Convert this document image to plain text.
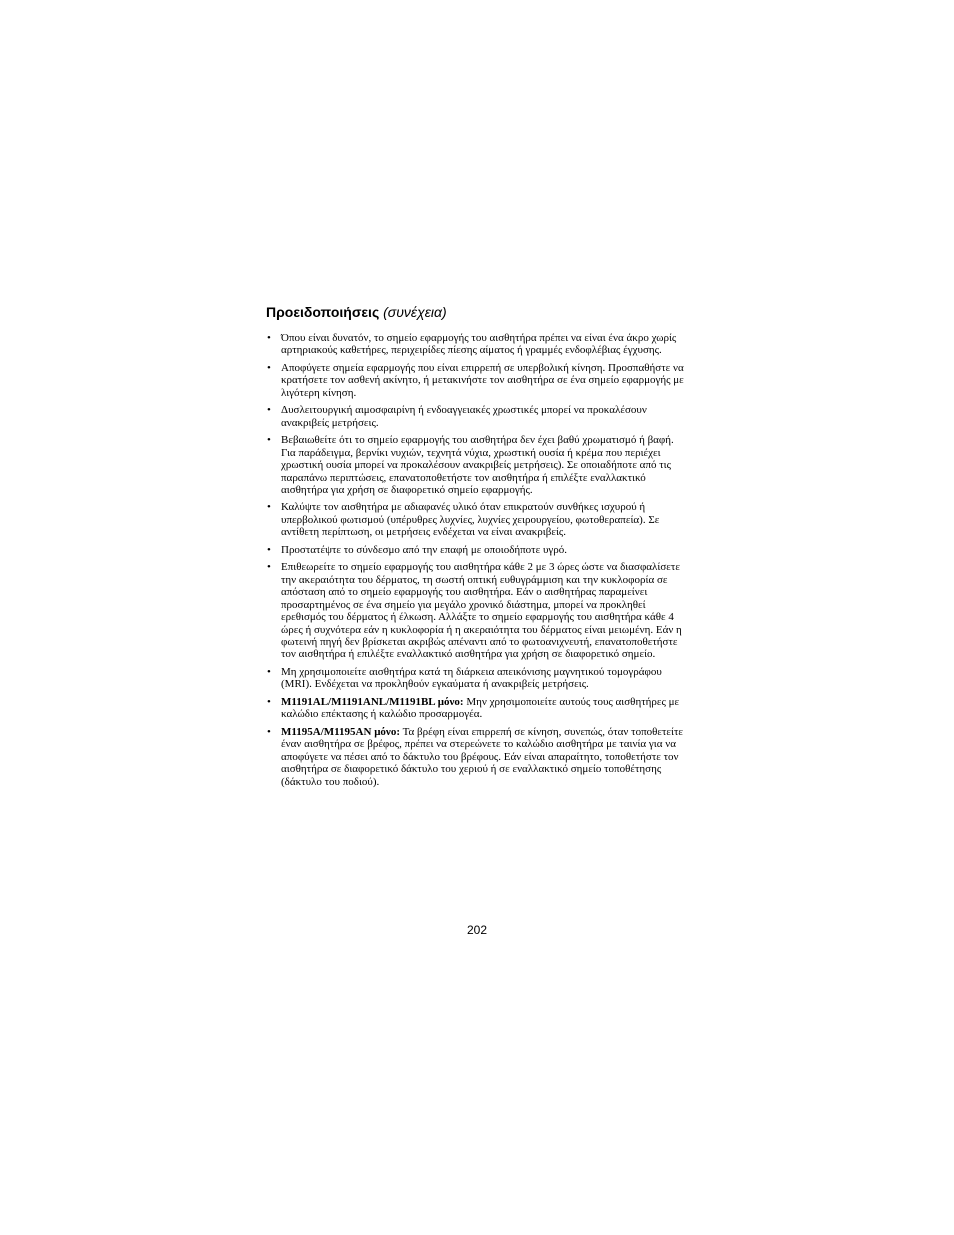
Προειδοποιήσεις (συνέχεια)
• Όπου είναι δυνατόν, το σημείο εφαρμογής του αισθητήρα πρέπει να είναι ένα άκρο χωρίς αρτηριακούς καθετήρες, περιχειρίδες πίεσης αίματος ή γραμμές ενδοφλέβιας έγχυσης.
• Αποφύγετε σημεία εφαρμογής που είναι επιρρεπή σε υπερβολική κίνηση. Προσπαθήστε να κρατήσετε τον ασθενή ακίνητο, ή μετακινήστε τον αισθητήρα σε ένα σημείο εφαρμογής με λιγότερη κίνηση.
• Δυσλειτουργική αιμοσφαιρίνη ή ενδοαγγειακές χρωστικές μπορεί να προκαλέσουν ανακριβείς μετρήσεις.
• Βεβαιωθείτε ότι το σημείο εφαρμογής του αισθητήρα δεν έχει βαθύ χρωματισμό ή βαφή. Για παράδειγμα, βερνίκι νυχιών, τεχνητά νύχια, χρωστική ουσία ή κρέμα που περιέχει χρωστική ουσία μπορεί να προκαλέσουν ανακριβείς μετρήσεις). Σε οποιαδήποτε από τις παραπάνω περιπτώσεις, επανατοποθετήστε τον αισθητήρα ή επιλέξτε εναλλακτικό αισθητήρα για χρήση σε διαφορετικό σημείο εφαρμογής.
• Καλύψτε τον αισθητήρα με αδιαφανές υλικό όταν επικρατούν συνθήκες ισχυρού ή υπερβολικού φωτισμού (υπέρυθρες λυχνίες, λυχνίες χειρουργείου, φωτοθεραπεία). Σε αντίθετη περίπτωση, οι μετρήσεις ενδέχεται να είναι ανακριβείς.
• Προστατέψτε το σύνδεσμο από την επαφή με οποιοδήποτε υγρό.
• Επιθεωρείτε το σημείο εφαρμογής του αισθητήρα κάθε 2 με 3 ώρες ώστε να διασφαλίσετε την ακεραιότητα του δέρματος, τη σωστή οπτική ευθυγράμμιση και την κυκλοφορία σε απόσταση από το σημείο εφαρμογής του αισθητήρα. Εάν ο αισθητήρας παραμείνει προσαρτημένος σε ένα σημείο για μεγάλο χρονικό διάστημα, μπορεί να προκληθεί ερεθισμός του δέρματος ή έλκωση. Αλλάξτε το σημείο εφαρμογής του αισθητήρα κάθε 4 ώρες ή συχνότερα εάν η κυκλοφορία ή η ακεραιότητα του δέρματος είναι μειωμένη. Εάν η φωτεινή πηγή δεν βρίσκεται ακριβώς απέναντι από το φωτοανιχνευτή, επανατοποθετήστε τον αισθητήρα ή επιλέξτε εναλλακτικό αισθητήρα για χρήση σε διαφορετικό σημείο.
• Μη χρησιμοποιείτε αισθητήρα κατά τη διάρκεια απεικόνισης μαγνητικού τομογράφου (MRI). Ενδέχεται να προκληθούν εγκαύματα ή ανακριβείς μετρήσεις.
• M1191AL/M1191ANL/M1191BL μόνο: Μην χρησιμοποιείτε αυτούς τους αισθητήρες με καλώδιο επέκτασης ή καλώδιο προσαρμογέα.
• M1195A/M1195AN μόνο: Τα βρέφη είναι επιρρεπή σε κίνηση, συνεπώς, όταν τοποθετείτε έναν αισθητήρα σε βρέφος, πρέπει να στερεώνετε το καλώδιο αισθητήρα με ταινία για να αποφύγετε να πέσει από το δάκτυλο του βρέφους. Εάν είναι απαραίτητο, τοποθετήστε τον αισθητήρα σε διαφορετικό δάκτυλο του χεριού ή σε εναλλακτικό σημείο τοποθέτησης (δάκτυλο του ποδιού).
202
